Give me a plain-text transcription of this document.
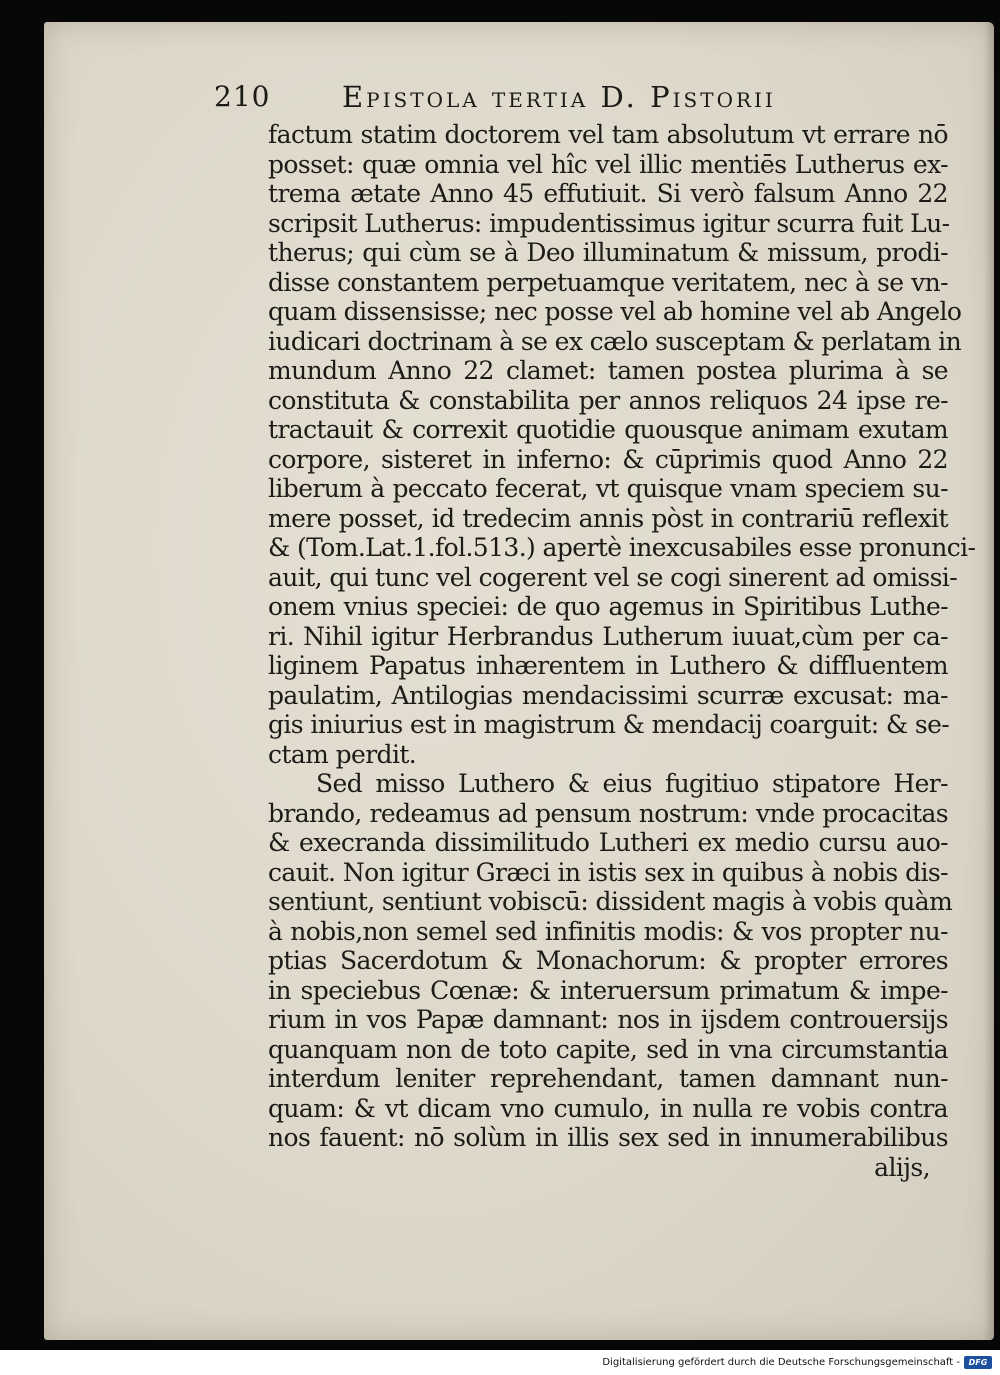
210 Epistola tertia D. Pistorii
factum statim doctorem vel tam absolutum vt errare nō
posset: quæ omnia vel hîc vel illic mentiēs Lutherus ex-
trema ætate Anno 45 effutiuit. Si verò falsum Anno 22
scripsit Lutherus: impudentissimus igitur scurra fuit Lu-
therus; qui cùm se à Deo illuminatum & missum, prodi-
disse constantem perpetuamque veritatem, nec à se vn-
quam dissensisse; nec posse vel ab homine vel ab Angelo
iudicari doctrinam à se ex cælo susceptam & perlatam in
mundum Anno 22 clamet: tamen postea plurima à se
constituta & constabilita per annos reliquos 24 ipse re-
tractauit & correxit quotidie quousque animam exutam
corpore, sisteret in inferno: & cūprimis quod Anno 22
liberum à peccato fecerat, vt quisque vnam speciem su-
mere posset, id tredecim annis pòst in contrariū reflexit
& (Tom.Lat.1.fol.513.) apertè inexcusabiles esse pronunci-
auit, qui tunc vel cogerent vel se cogi sinerent ad omissi-
onem vnius speciei: de quo agemus in Spiritibus Luthe-
ri. Nihil igitur Herbrandus Lutherum iuuat,cùm per ca-
liginem Papatus inhærentem in Luthero & diffluentem
paulatim, Antilogias mendacissimi scurræ excusat: ma-
gis iniurius est in magistrum & mendacij coarguit: & se-
ctam perdit.
Sed misso Luthero & eius fugitiuo stipatore Her-
brando, redeamus ad pensum nostrum: vnde procacitas
& execranda dissimilitudo Lutheri ex medio cursu auo-
cauit. Non igitur Græci in istis sex in quibus à nobis dis-
sentiunt, sentiunt vobiscū: dissident magis à vobis quàm
à nobis,non semel sed infinitis modis: & vos propter nu-
ptias Sacerdotum & Monachorum: & propter errores
in speciebus Cœnæ: & interuersum primatum & impe-
rium in vos Papæ damnant: nos in ijsdem controuersijs
quanquam non de toto capite, sed in vna circumstantia
interdum leniter reprehendant, tamen damnant nun-
quam: & vt dicam vno cumulo, in nulla re vobis contra
nos fauent: nō solùm in illis sex sed in innumerabilibus
alijs,
Digitalisierung gefördert durch die Deutsche Forschungsgemeinschaft -	DFG
